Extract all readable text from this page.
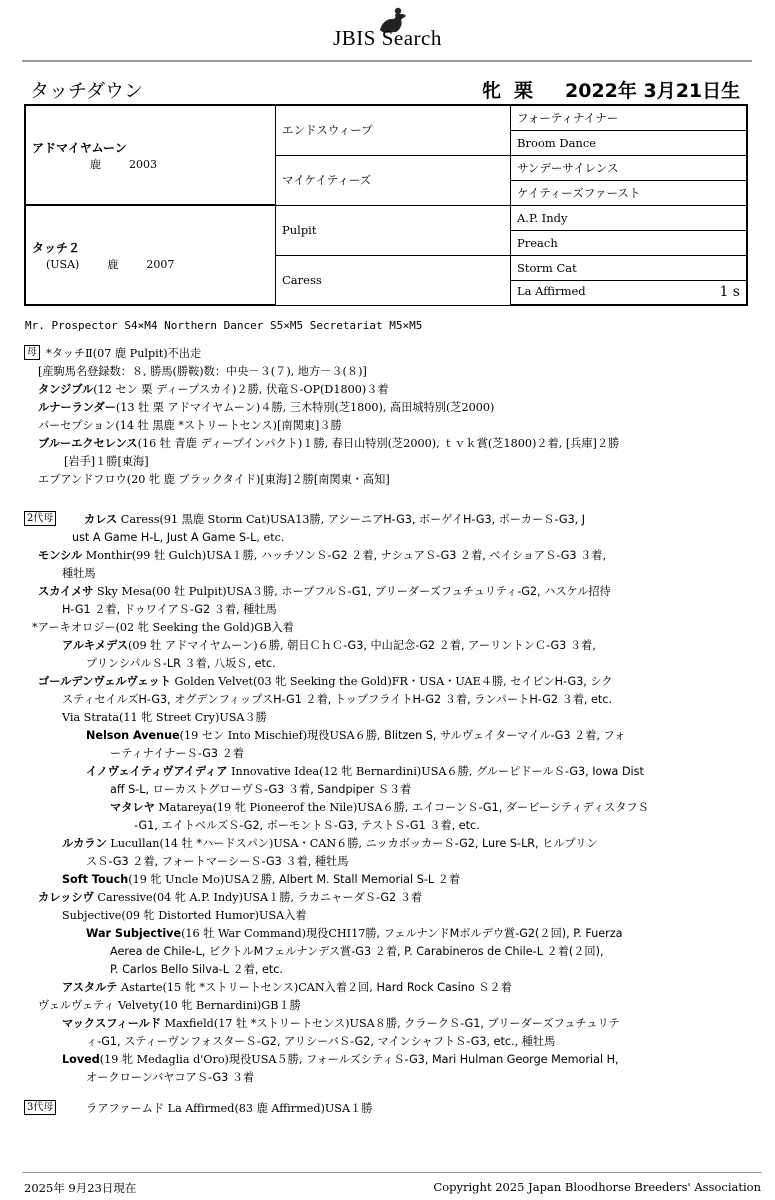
JBIS Search
タッチダウン	牝 栗 2022年 3月21日生
アドマイヤムーン
鹿 2003	エンドスウィープ	フォーティナイナー
		Broom Dance
	マイケイティーズ	サンデーサイレンス
		ケイティーズファースト

タッチ２
(USA) 鹿 2007	Pulpit	A.P. Indy
		Preach
	Caress	Storm Cat
		La Affirmed 1 s
Mr. Prospector S4×M4 Northern Dancer S5×M5 Secretariat M5×M5
母
2代母
3代母
*タッチⅡ(07 鹿 Pulpit)不出走
[産駒馬名登録数：８, 勝馬(勝鞍)数：中央－３(７), 地方－３(８)]
タンジブル(12 セン 栗 ディープスカイ)２勝, 伏竜Ｓ-OP(D1800)３着
ルナーランダー(13 牡 栗 アドマイヤムーン)４勝, 三木特別(芝1800), 高田城特別(芝2000)
パーセプション(14 牡 黒鹿 *ストリートセンス)[南関東]３勝
ブルーエクセレンス(16 牡 青鹿 ディープインパクト)１勝, 春日山特別(芝2000), ｔｖｋ賞(芝1800)２着, [兵庫]２勝
[岩手]１勝[東海]
エブアンドフロウ(20 牝 鹿 ブラックタイド)[東海]２勝[南関東・高知]
カレス Caress(91 黒鹿 Storm Cat)USA13勝, アシーニアH-G3, ボーゲイH-G3, ポーカーＳ-G3, J
ust A Game H-L, Just A Game S-L, etc.
モンシル Monthir(99 牡 Gulch)USA１勝, ハッチソンＳ-G2 ２着, ナシュアＳ-G3 ２着, ベイショアＳ-G3 ３着,
種牡馬
スカイメサ Sky Mesa(00 牡 Pulpit)USA３勝, ホープフルＳ-G1, ブリーダーズフュチュリティ-G2, ハスケル招待
H-G1 ２着, ドゥワイアＳ-G2 ３着, 種牡馬
*アーキオロジー(02 牝 Seeking the Gold)GB入着
アルキメデス(09 牡 アドマイヤムーン)６勝, 朝日ＣｈＣ-G3, 中山記念-G2 ２着, アーリントンＣ-G3 ３着,
プリンシパルＳ-LR ３着, 八坂Ｓ, etc.
ゴールデンヴェルヴェット Golden Velvet(03 牝 Seeking the Gold)FR・USA・UAE４勝, セイビンH-G3, シク
スティセイルズH-G3, オグデンフィップスH-G1 ２着, トップフライトH-G2 ３着, ランパートH-G2 ３着, etc.
Via Strata(11 牝 Street Cry)USA３勝
Nelson Avenue(19 セン Into Mischief)現役USA６勝, Blitzen S, サルヴェイターマイル-G3 ２着, フォ
ーティナイナーＳ-G3 ２着
イノヴェイティヴアイディア Innovative Idea(12 牝 Bernardini)USA６勝, グルーピドールＳ-G3, Iowa Dist
aff S-L, ローカストグローヴＳ-G3 ３着, Sandpiper Ｓ３着
マタレヤ Matareya(19 牝 Pioneerof the Nile)USA６勝, エイコーンＳ-G1, ダービーシティディスタフＳ
-G1, エイトベルズＳ-G2, ボーモントＳ-G3, テストＳ-G1 ３着, etc.
ルカラン Lucullan(14 牡 *ハードスパン)USA・CAN６勝, ニッカボッカーＳ-G2, Lure S-LR, ヒルプリン
スＳ-G3 ２着, フォートマーシーＳ-G3 ３着, 種牡馬
Soft Touch(19 牝 Uncle Mo)USA２勝, Albert M. Stall Memorial S-L ２着
カレッシヴ Caressive(04 牝 A.P. Indy)USA１勝, ラカニャーダＳ-G2 ３着
Subjective(09 牝 Distorted Humor)USA入着
War Subjective(16 牡 War Command)現役CHI17勝, フェルナンドMボルデウ賞-G2(２回), P. Fuerza
Aerea de Chile-L, ビクトルMフェルナンデス賞-G3 ２着, P. Carabineros de Chile-L ２着(２回),
P. Carlos Bello Silva-L ２着, etc.
アスタルテ Astarte(15 牝 *ストリートセンス)CAN入着２回, Hard Rock Casino Ｓ２着
ヴェルヴェティ Velvety(10 牝 Bernardini)GB１勝
マックスフィールド Maxfield(17 牡 *ストリートセンス)USA８勝, クラークＳ-G1, ブリーダーズフュチュリテ
ィ-G1, スティーヴンフォスターＳ-G2, アリシーバＳ-G2, マインシャフトＳ-G3, etc., 種牡馬
Loved(19 牝 Medaglia d'Oro)現役USA５勝, フォールズシティＳ-G3, Mari Hulman George Memorial H,
オークローンバヤコアＳ-G3 ３着
ラアファームド La Affirmed(83 鹿 Affirmed)USA１勝
2025年 9月23日現在	Copyright 2025 Japan Bloodhorse Breeders' Association
